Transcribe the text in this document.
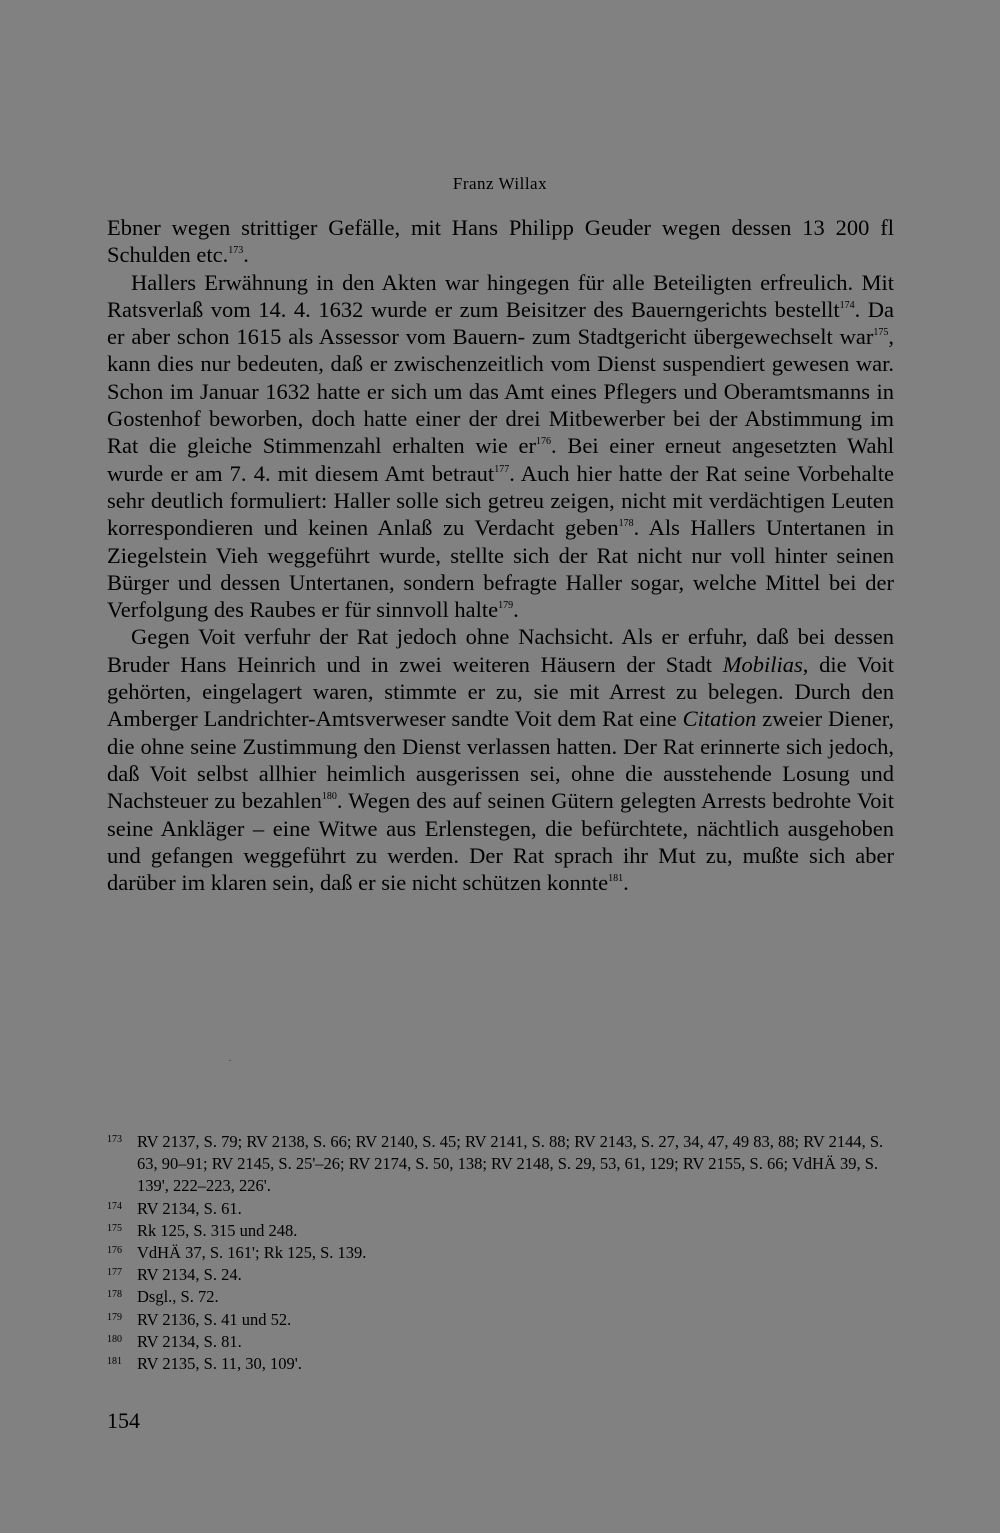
Franz Willax

Ebner wegen strittiger Gefälle, mit Hans Philipp Geuder wegen dessen 13 200 fl Schulden etc.$^{173}$.

Hallers Erwähnung in den Akten war hingegen für alle Beteiligten erfreulich. Mit Ratsverlaß vom 14. 4. 1632 wurde er zum Beisitzer des Bauerngerichts bestellt$^{174}$. Da er aber schon 1615 als Assessor vom Bauern- zum Stadtgericht übergewechselt war$^{175}$, kann dies nur bedeuten, daß er zwischenzeitlich vom Dienst suspendiert gewesen war. Schon im Januar 1632 hatte er sich um das Amt eines Pflegers und Oberamtsmanns in Gostenhof beworben, doch hatte einer der drei Mitbewerber bei der Abstimmung im Rat die gleiche Stimmenzahl erhalten wie $er^{176}$. Bei einer erneut angesetzten Wahl wurde er am 7. 4. mit diesem Amt betraut$^{177}$. Auch hier hatte der Rat seine Vorbehalte sehr deutlich formuliert: Haller solle sich getreu zeigen, nicht mit verdächtigen Leuten korrespondieren und keinen Anlaß zu Verdacht geben$^{178}$. Als Hallers Untertanen in Ziegelstein Vieh weggeführt wurde, stellte sich der Rat nicht nur voll hinter seinen Bürger und dessen Untertanen, sondern befragte Haller sogar, welche Mittel bei der Verfolgung des Raubes er für sinnvoll halte$^{179}$.

Gegen Voit verfuhr der Rat jedoch ohne Nachsicht. Als er erfuhr, daß bei dessen Bruder Hans Heinrich und in zwei weiteren Häusern der Stadt Mobilias, die Voit gehörten, eingelagert waren, stimmte er zu, sie mit Arrest zu belegen. Durch den Amberger Landrichter-Amtsverweser sandte Voit dem Rat eine Citation zweier Diener, die ohne seine Zustimmung den Dienst verlassen hatten. Der Rat erinnerte sich jedoch, daß Voit selbst allhier heimlich ausgerissen sei, ohne die ausstehende Losung und Nachsteuer zu bezahlen$^{180}$. Wegen des auf seinen Gütern gelegten Arrests bedrohte Voit seine Ankläger – eine Witwe aus Erlenstegen, die befürchtete, nächtlich ausgehoben und gefangen weggeführt zu werden. Der Rat sprach ihr Mut zu, mußte sich aber darüber im klaren sein, daß er sie nicht schützen konnte$^{181}$.

173 RV 2137, S. 79; RV 2138, S. 66; RV 2140, S. 45; RV 2141, S. 88; RV 2143, S. 27, 34, 47, 49 83, 88; RV 2144, S. 63, 90–91; RV 2145, S. 25'–26; RV 2174, S. 50, 138; RV 2148, S. 29, 53, 61, 129; RV 2155, S. 66; VdHÄ 39, S. 139', 222–223, 226'.
174 RV 2134, S. 61.
175 Rk 125, S. 315 und 248.
176 VdHÄ 37, S. 161'; Rk 125, S. 139.
177 RV 2134, S. 24.
178 Dsgl., S. 72.
179 RV 2136, S. 41 und 52.
180 RV 2134, S. 81.
181 RV 2135, S. 11, 30, 109'.
154
